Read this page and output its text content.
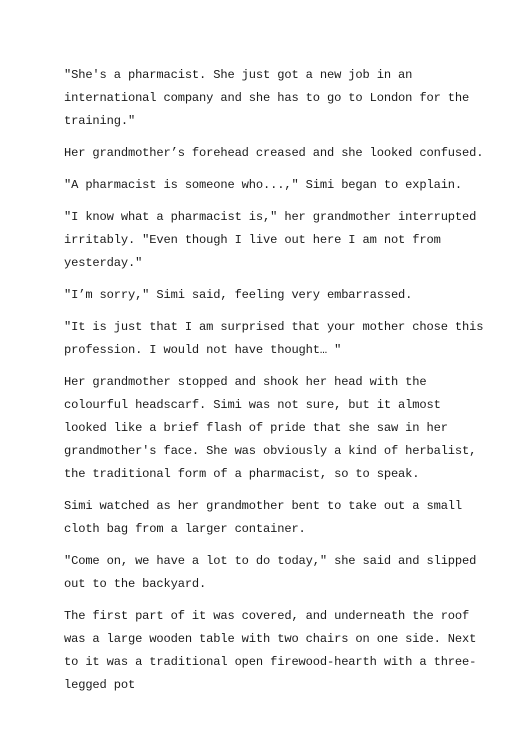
"She's a pharmacist. She just got a new job in an international company and she has to go to London for the training."

Her grandmother’s forehead creased and she looked confused.

"A pharmacist is someone who...," Simi began to explain.

"I know what a pharmacist is," her grandmother interrupted irritably. "Even though I live out here I am not from yesterday."

"I’m sorry," Simi said, feeling very embarrassed.

"It is just that I am surprised that your mother chose this profession. I would not have thought… "

Her grandmother stopped and shook her head with the colourful headscarf. Simi was not sure, but it almost looked like a brief flash of pride that she saw in her grandmother's face. She was obviously a kind of herbalist, the traditional form of a pharmacist, so to speak.

Simi watched as her grandmother bent to take out a small cloth bag from a larger container.

"Come on, we have a lot to do today," she said and slipped out to the backyard.

The first part of it was covered, and underneath the roof was a large wooden table with two chairs on one side. Next to it was a traditional open firewood-hearth with a three-legged pot
